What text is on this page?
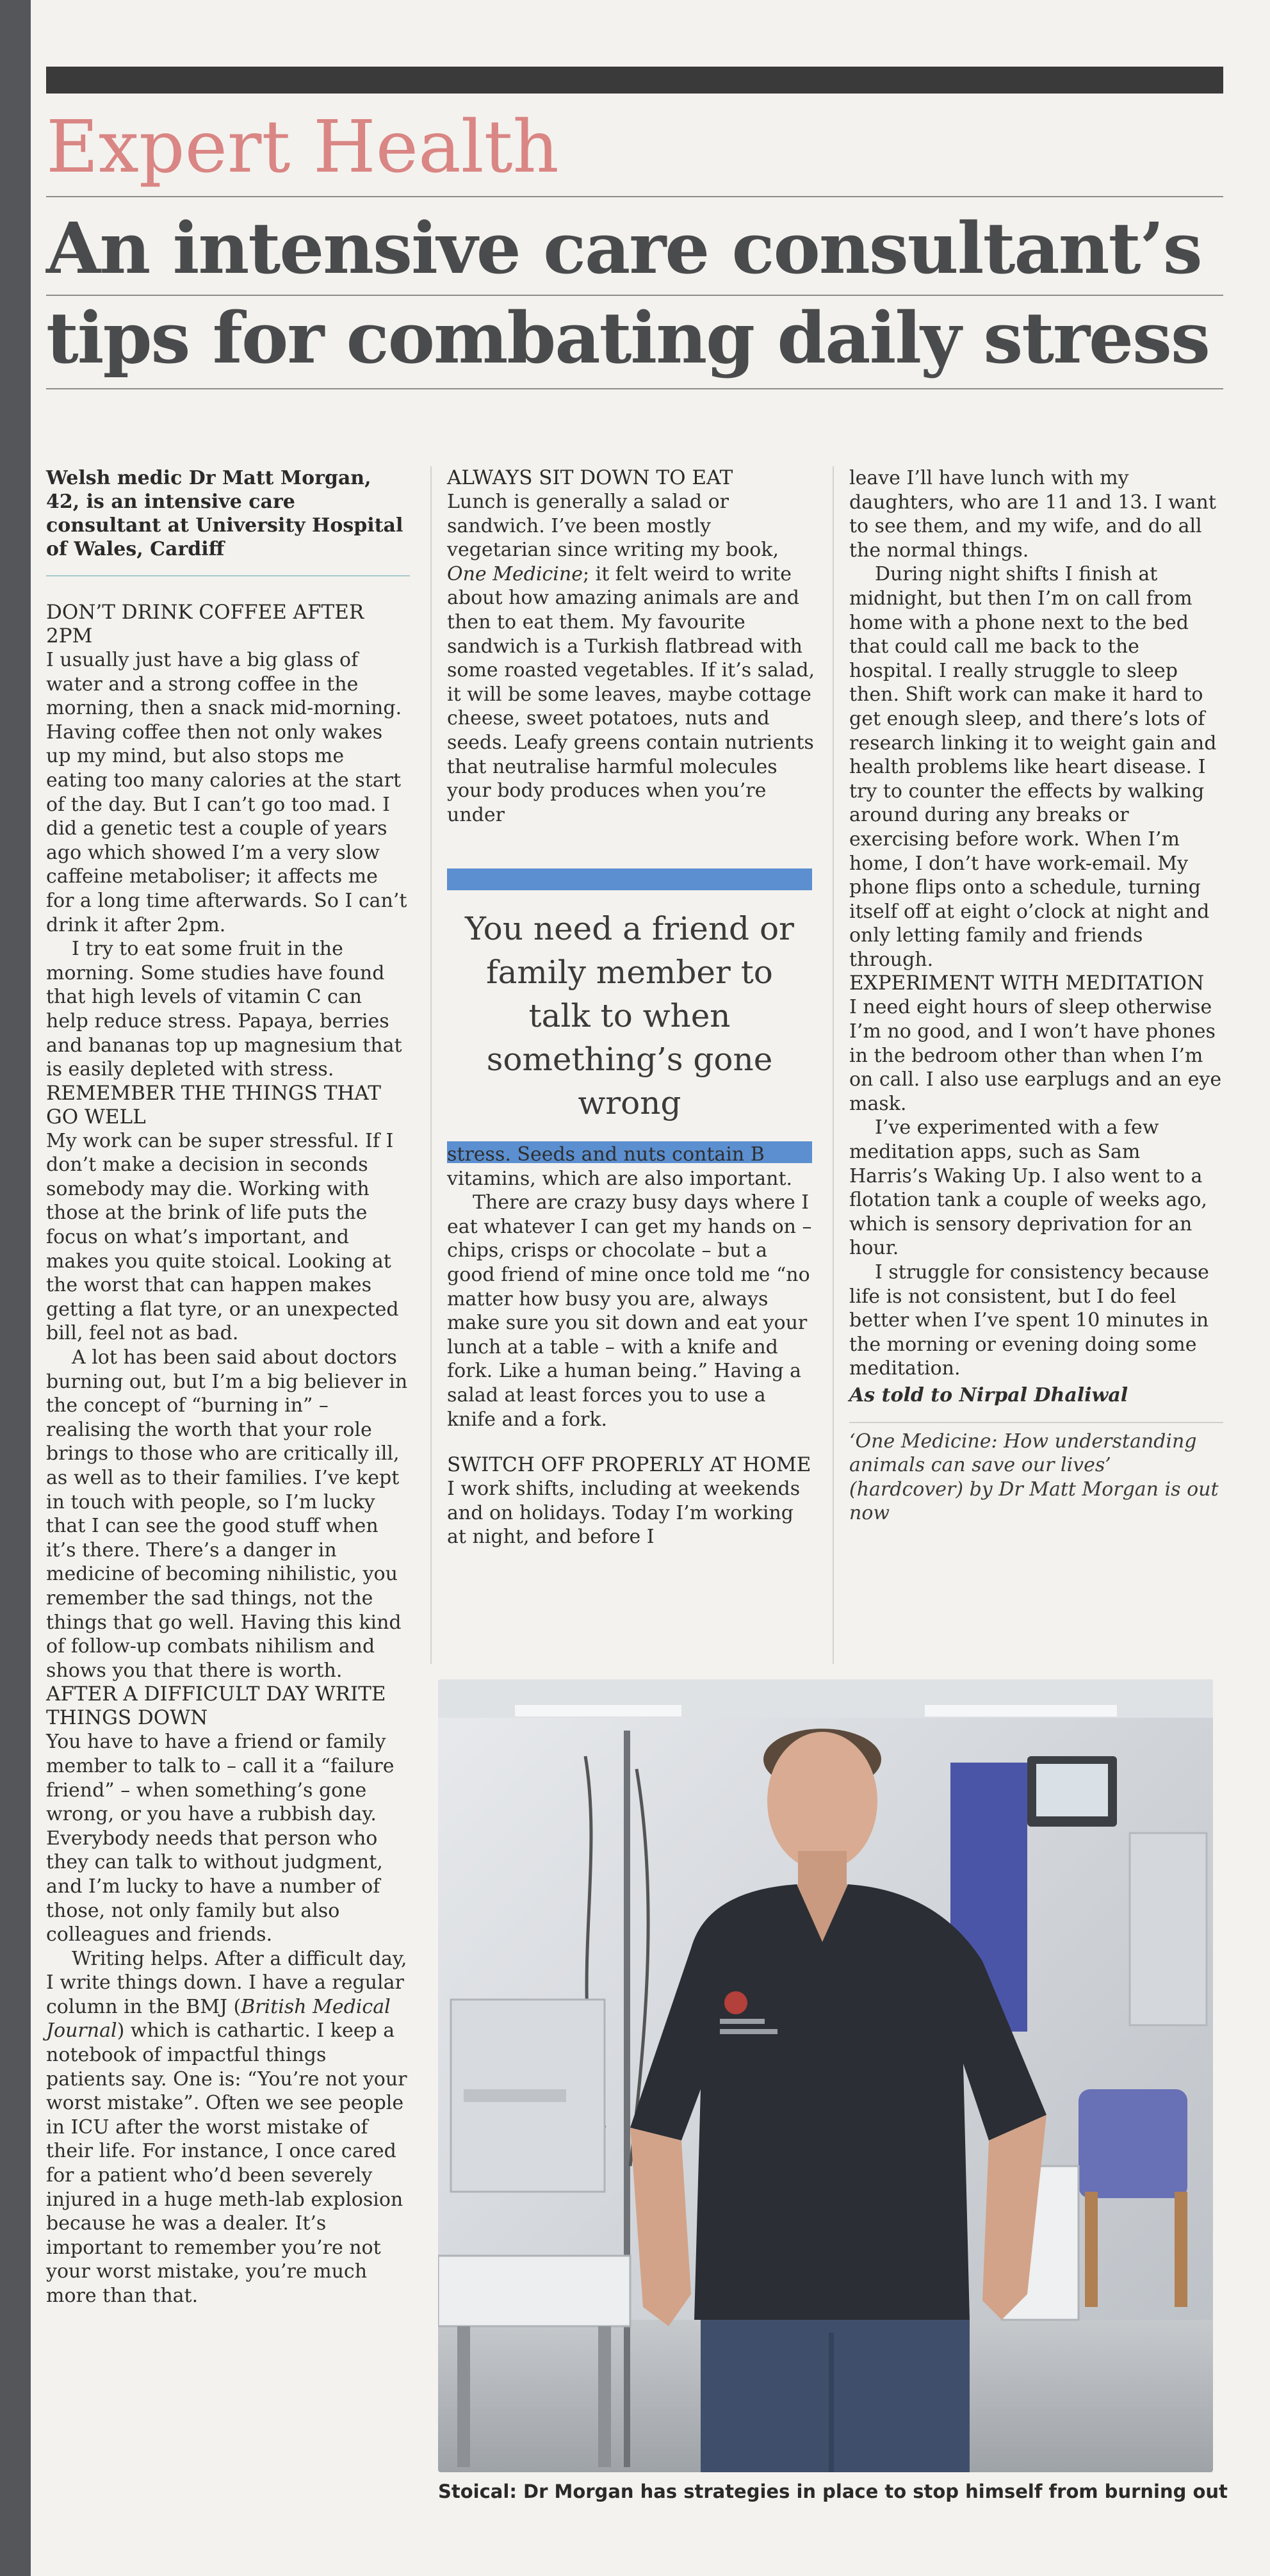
Expert Health
An intensive care consultant’s
tips for combating daily stress

Welsh medic Dr Matt Morgan, 42, is an intensive care consultant at University Hospital of Wales, Cardiff

DON’T DRINK COFFEE AFTER 2PM

I usually just have a big glass of water and a strong coffee in the morning, then a snack mid-morning. Having coffee then not only wakes up my mind, but also stops me eating too many calories at the start of the day. But I can’t go too mad. I did a genetic test a couple of years ago which showed I’m a very slow caffeine metaboliser; it affects me for a long time afterwards. So I can’t drink it after 2pm.

I try to eat some fruit in the morning. Some studies have found that high levels of vitamin C can help reduce stress. Papaya, berries and bananas top up magnesium that is easily depleted with stress.

REMEMBER THE THINGS THAT GO WELL

My work can be super stressful. If I don’t make a decision in seconds somebody may die. Working with those at the brink of life puts the focus on what’s important, and makes you quite stoical. Looking at the worst that can happen makes getting a flat tyre, or an unexpected bill, feel not as bad.

A lot has been said about doctors burning out, but I’m a big believer in the concept of “burning in” – realising the worth that your role brings to those who are critically ill, as well as to their families. I’ve kept in touch with people, so I’m lucky that I can see the good stuff when it’s there. There’s a danger in medicine of becoming nihilistic, you remember the sad things, not the things that go well. Having this kind of follow-up combats nihilism and shows you that there is worth.

AFTER A DIFFICULT DAY WRITE THINGS DOWN

You have to have a friend or family member to talk to – call it a “failure friend” – when something’s gone wrong, or you have a rubbish day. Everybody needs that person who they can talk to without judgment, and I’m lucky to have a number of those, not only family but also colleagues and friends.

Writing helps. After a difficult day, I write things down. I have a regular column in the BMJ (British Medical Journal) which is cathartic. I keep a notebook of impactful things patients say. One is: “You’re not your worst mistake”. Often we see people in ICU after the worst mistake of their life. For instance, I once cared for a patient who’d been severely injured in a huge meth-lab explosion because he was a dealer. It’s important to remember you’re not your worst mistake, you’re much more than that.

ALWAYS SIT DOWN TO EAT

Lunch is generally a salad or sandwich. I’ve been mostly vegetarian since writing my book, One Medicine; it felt weird to write about how amazing animals are and then to eat them. My favourite sandwich is a Turkish flatbread with some roasted vegetables. If it’s salad, it will be some leaves, maybe cottage cheese, sweet potatoes, nuts and seeds. Leafy greens contain nutrients that neutralise harmful molecules your body produces when you’re under

You need a friend or family member to talk to when something’s gone wrong

stress. Seeds and nuts contain B vitamins, which are also important.

There are crazy busy days where I eat whatever I can get my hands on – chips, crisps or chocolate – but a good friend of mine once told me “no matter how busy you are, always make sure you sit down and eat your lunch at a table – with a knife and fork. Like a human being.” Having a salad at least forces you to use a knife and a fork.

SWITCH OFF PROPERLY AT HOME

I work shifts, including at weekends and on holidays. Today I’m working at night, and before I

leave I’ll have lunch with my daughters, who are 11 and 13. I want to see them, and my wife, and do all the normal things.

During night shifts I finish at midnight, but then I’m on call from home with a phone next to the bed that could call me back to the hospital. I really struggle to sleep then. Shift work can make it hard to get enough sleep, and there’s lots of research linking it to weight gain and health problems like heart disease. I try to counter the effects by walking around during any breaks or exercising before work. When I’m home, I don’t have work-email. My phone flips onto a schedule, turning itself off at eight o’clock at night and only letting family and friends through.

EXPERIMENT WITH MEDITATION

I need eight hours of sleep otherwise I’m no good, and I won’t have phones in the bedroom other than when I’m on call. I also use earplugs and an eye mask.

I’ve experimented with a few meditation apps, such as Sam Harris’s Waking Up. I also went to a flotation tank a couple of weeks ago, which is sensory deprivation for an hour.

I struggle for consistency because life is not consistent, but I do feel better when I’ve spent 10 minutes in the morning or evening doing some meditation.

As told to Nirpal Dhaliwal

‘One Medicine: How understanding animals can save our lives’ (hardcover) by Dr Matt Morgan is out now

Stoical: Dr Morgan has strategies in place to stop himself from burning out
